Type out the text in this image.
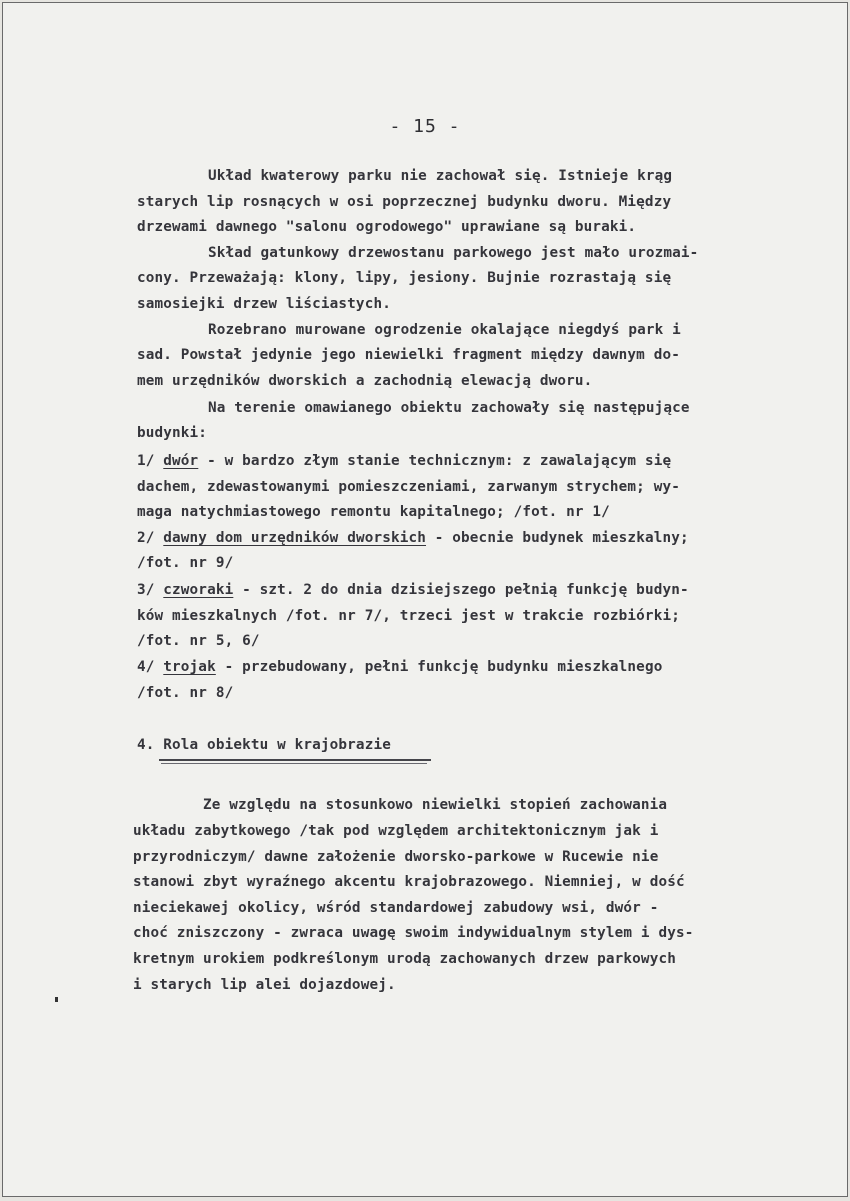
- 15 -
Układ kwaterowy parku nie zachował się. Istnieje krąg
starych lip rosnących w osi poprzecznej budynku dworu. Między
drzewami dawnego "salonu ogrodowego" uprawiane są buraki.
Skład gatunkowy drzewostanu parkowego jest mało urozmai-
cony. Przeważają: klony, lipy, jesiony. Bujnie rozrastają się
samosiejki drzew liściastych.
Rozebrano murowane ogrodzenie okalające niegdyś park i
sad. Powstał jedynie jego niewielki fragment między dawnym do-
mem urzędników dworskich a zachodnią elewacją dworu.
Na terenie omawianego obiektu zachowały się następujące
budynki:
1/ dwór - w bardzo złym stanie technicznym: z zawalającym się
dachem, zdewastowanymi pomieszczeniami, zarwanym strychem; wy-
maga natychmiastowego remontu kapitalnego; /fot. nr 1/
2/ dawny dom urzędników dworskich - obecnie budynek mieszkalny;
/fot. nr 9/
3/ czworaki - szt. 2 do dnia dzisiejszego pełnią funkcję budyn-
ków mieszkalnych /fot. nr 7/, trzeci jest w trakcie rozbiórki;
/fot. nr 5, 6/
4/ trojak - przebudowany, pełni funkcję budynku mieszkalnego
/fot. nr 8/
4. Rola obiektu w krajobrazie
Ze względu na stosunkowo niewielki stopień zachowania
układu zabytkowego /tak pod względem architektonicznym jak i
przyrodniczym/ dawne założenie dworsko-parkowe w Rucewie nie
stanowi zbyt wyraźnego akcentu krajobrazowego. Niemniej, w dość
nieciekawej okolicy, wśród standardowej zabudowy wsi, dwór -
choć zniszczony - zwraca uwagę swoim indywidualnym stylem i dys-
kretnym urokiem podkreślonym urodą zachowanych drzew parkowych
i starych lip alei dojazdowej.
